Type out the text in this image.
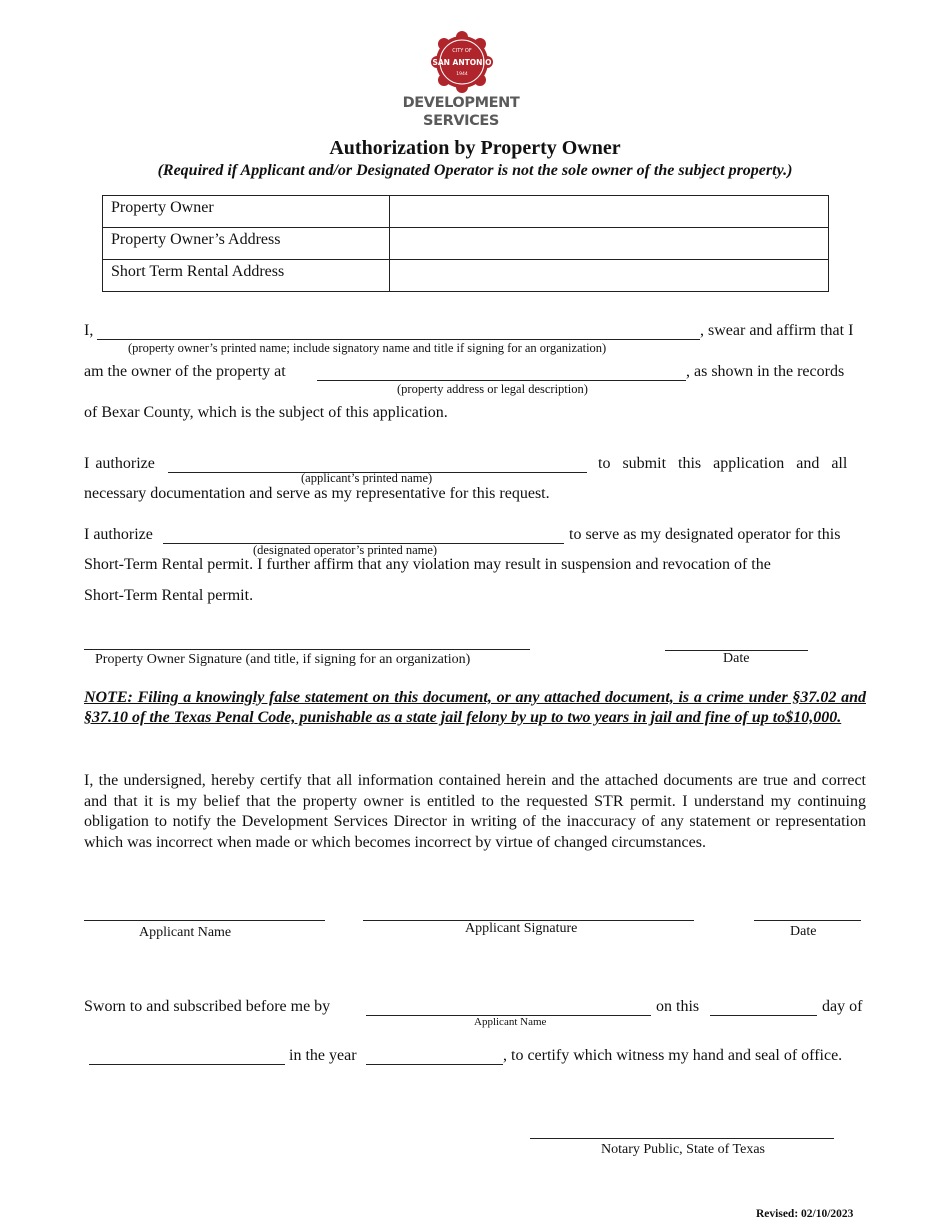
CITY OF
SAN ANTONIO
1944
DEVELOPMENT
SERVICES
Authorization by Property Owner
(Required if Applicant and/or Designated Operator is not the sole owner of the subject property.)
Property Owner	
Property Owner’s Address	
Short Term Rental Address	
I,	, swear and affirm that I
(property owner’s printed name; include signatory name and title if signing for an organization)
am the owner of the property at	, as shown in the records
(property address or legal description)
of Bexar County, which is the subject of this application.
I authorize	to submit this application and all
(applicant’s printed name)
necessary documentation and serve as my representative for this request.
I authorize	to serve as my designated operator for this
(designated operator’s printed name)
Short-Term Rental permit. I further affirm that any violation may result in suspension and revocation of the
Short-Term Rental permit.
Property Owner Signature (and title, if signing for an organization)	Date
NOTE: Filing a knowingly false statement on this document, or any attached document, is a crime under §37.02 and §37.10 of the Texas Penal Code, punishable as a state jail felony by up to two years in jail and fine of up to$10,000.
I, the undersigned, hereby certify that all information contained herein and the attached documents are true and correct and that it is my belief that the property owner is entitled to the requested STR permit. I understand my continuing obligation to notify the Development Services Director in writing of the inaccuracy of any statement or representation which was incorrect when made or which becomes incorrect by virtue of changed circumstances.
Applicant Name	Applicant Signature	Date
Sworn to and subscribed before me by	on this	day of
Applicant Name
in the year	, to certify which witness my hand and seal of office.
Notary Public, State of Texas
Revised: 02/10/2023
